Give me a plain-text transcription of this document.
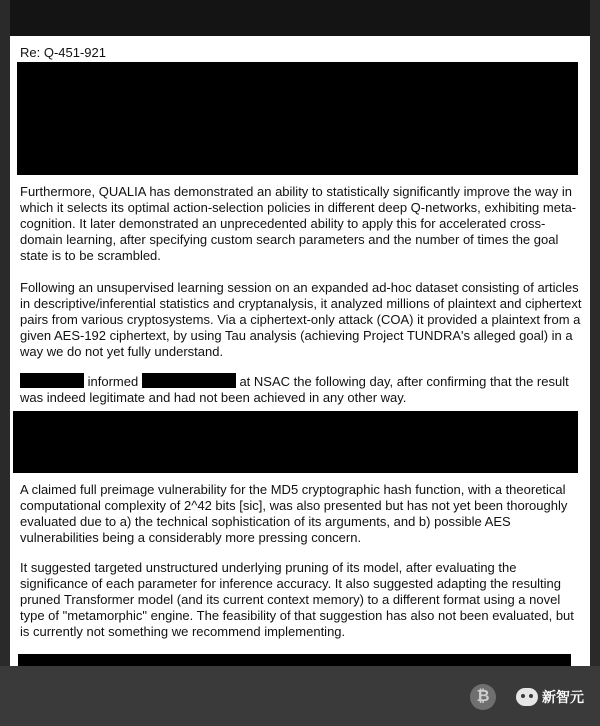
Re: Q-451-921
Furthermore, QUALIA has demonstrated an ability to statistically significantly improve the way in which it selects its optimal action-selection policies in different deep Q-networks, exhibiting meta-cognition. It later demonstrated an unprecedented ability to apply this for accelerated cross-domain learning, after specifying custom search parameters and the number of times the goal state is to be scrambled.
Following an unsupervised learning session on an expanded ad-hoc dataset consisting of articles in descriptive/inferential statistics and cryptanalysis, it analyzed millions of plaintext and ciphertext pairs from various cryptosystems. Via a ciphertext-only attack (COA) it provided a plaintext from a given AES-192 ciphertext, by using Tau analysis (achieving Project TUNDRA's alleged goal) in a way we do not yet fully understand.
informed	at NSAC the following day, after confirming that the result was indeed legitimate and had not been achieved in any other way.
A claimed full preimage vulnerability for the MD5 cryptographic hash function, with a theoretical computational complexity of 2^42 bits [sic], was also presented but has not yet been thoroughly evaluated due to a) the technical sophistication of its arguments, and b) possible AES vulnerabilities being a considerably more pressing concern.
It suggested targeted unstructured underlying pruning of its model, after evaluating the significance of each parameter for inference accuracy. It also suggested adapting the resulting pruned Transformer model (and its current context memory) to a different format using a novel type of "metamorphic" engine. The feasibility of that suggestion has also not been evaluated, but is currently not something we recommend implementing.
₿	新智元
